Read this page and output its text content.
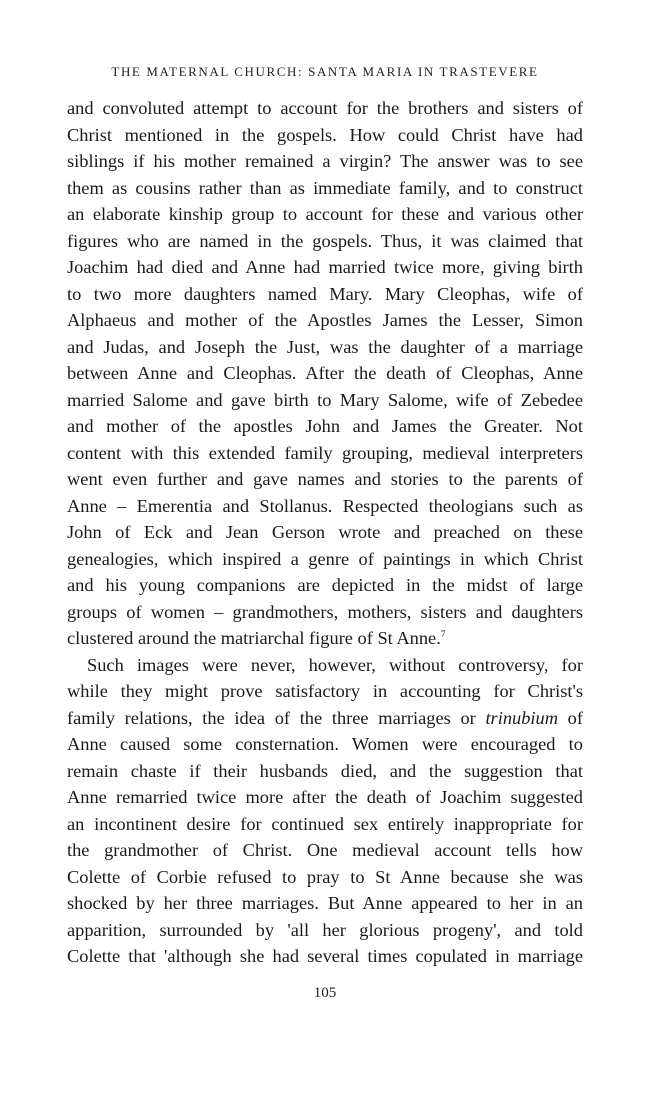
THE MATERNAL CHURCH: SANTA MARIA IN TRASTEVERE
and convoluted attempt to account for the brothers and sisters of
Christ mentioned in the gospels. How could Christ have had
siblings if his mother remained a virgin? The answer was to see
them as cousins rather than as immediate family, and to construct
an elaborate kinship group to account for these and various other
figures who are named in the gospels. Thus, it was claimed that
Joachim had died and Anne had married twice more, giving birth
to two more daughters named Mary. Mary Cleophas, wife of
Alphaeus and mother of the Apostles James the Lesser, Simon
and Judas, and Joseph the Just, was the daughter of a marriage
between Anne and Cleophas. After the death of Cleophas, Anne
married Salome and gave birth to Mary Salome, wife of Zebedee
and mother of the apostles John and James the Greater. Not
content with this extended family grouping, medieval interpreters
went even further and gave names and stories to the parents of
Anne – Emerentia and Stollanus. Respected theologians such as
John of Eck and Jean Gerson wrote and preached on these
genealogies, which inspired a genre of paintings in which Christ
and his young companions are depicted in the midst of large
groups of women – grandmothers, mothers, sisters and daughters
clustered around the matriarchal figure of St Anne.$^7$
Such images were never, however, without controversy, for
while they might prove satisfactory in accounting for Christ's
family relations, the idea of the three marriages or trinubium of
Anne caused some consternation. Women were encouraged to
remain chaste if their husbands died, and the suggestion that
Anne remarried twice more after the death of Joachim suggested
an incontinent desire for continued sex entirely inappropriate for
the grandmother of Christ. One medieval account tells how
Colette of Corbie refused to pray to St Anne because she was
shocked by her three marriages. But Anne appeared to her in an
apparition, surrounded by 'all her glorious progeny', and told
Colette that 'although she had several times copulated in marriage
105
